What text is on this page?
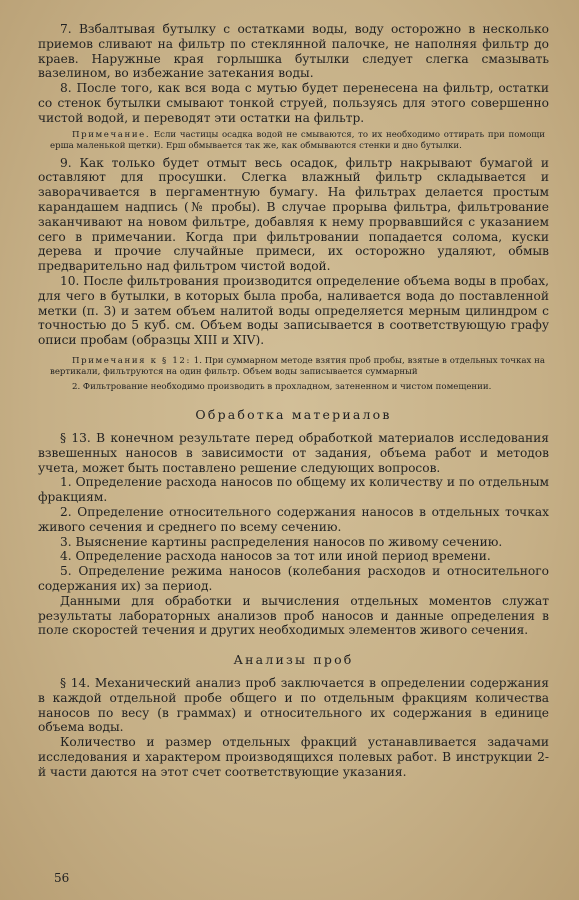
7. Взбалтывая бутылку с остатками воды, воду осторожно в несколько приемов сливают на фильтр по стеклянной палочке, не наполняя фильтр до краев. Наружные края горлышка бутылки следует слегка смазывать вазелином, во избежание затекания воды.

8. После того, как вся вода с мутью будет перенесена на фильтр, остатки со стенок бутылки смывают тонкой струей, пользуясь для этого совершенно чистой водой, и переводят эти остатки на фильтр.

Примечание. Если частицы осадка водой не смываются, то их необходимо оттирать при помощи ерша маленькой щетки). Ерш обмывается так же, как обмываются стенки и дно бутылки.

9. Как только будет отмыт весь осадок, фильтр накрывают бумагой и оставляют для просушки. Слегка влажный фильтр складывается и заворачивается в пергаментную бумагу. На фильтрах делается простым карандашем надпись (№ пробы). В случае прорыва фильтра, фильтрование заканчивают на новом фильтре, добавляя к нему прорвавшийся с указанием сего в примечании. Когда при фильтровании попадается солома, куски дерева и прочие случайные примеси, их осторожно удаляют, обмыв предварительно над фильтром чистой водой.

10. После фильтрования производится определение объема воды в пробах, для чего в бутылки, в которых была проба, наливается вода до поставленной метки (п. 3) и затем объем налитой воды определяется мерным цилиндром с точностью до 5 куб. см. Объем воды записывается в соответствующую графу описи пробам (образцы XIII и XIV).

Примечания к § 12: 1. При суммарном методе взятия проб пробы, взятые в отдельных точках на вертикали, фильтруются на один фильтр. Объем воды записывается суммарный

2. Фильтрование необходимо производить в прохладном, затененном и чистом помещении.

Обработка материалов

§ 13. В конечном результате перед обработкой материалов исследования взвешенных наносов в зависимости от задания, объема работ и методов учета, может быть поставлено решение следующих вопросов.

1. Определение расхода наносов по общему их количеству и по отдельным фракциям.

2. Определение относительного содержания наносов в отдельных точках живого сечения и среднего по всему сечению.

3. Выяснение картины распределения наносов по живому сечению.

4. Определение расхода наносов за тот или иной период времени.

5. Определение режима наносов (колебания расходов и относительного содержания их) за период.

Данными для обработки и вычисления отдельных моментов служат результаты лабораторных анализов проб наносов и данные определения в поле скоростей течения и других необходимых элементов живого сечения.

Анализы проб

§ 14. Механический анализ проб заключается в определении содержания в каждой отдельной пробе общего и по отдельным фракциям количества наносов по весу (в граммах) и относительного их содержания в единице объема воды.

Количество и размер отдельных фракций устанавливается задачами исследования и характером производящихся полевых работ. В инструкции 2-й части даются на этот счет соответствующие указания.

56
